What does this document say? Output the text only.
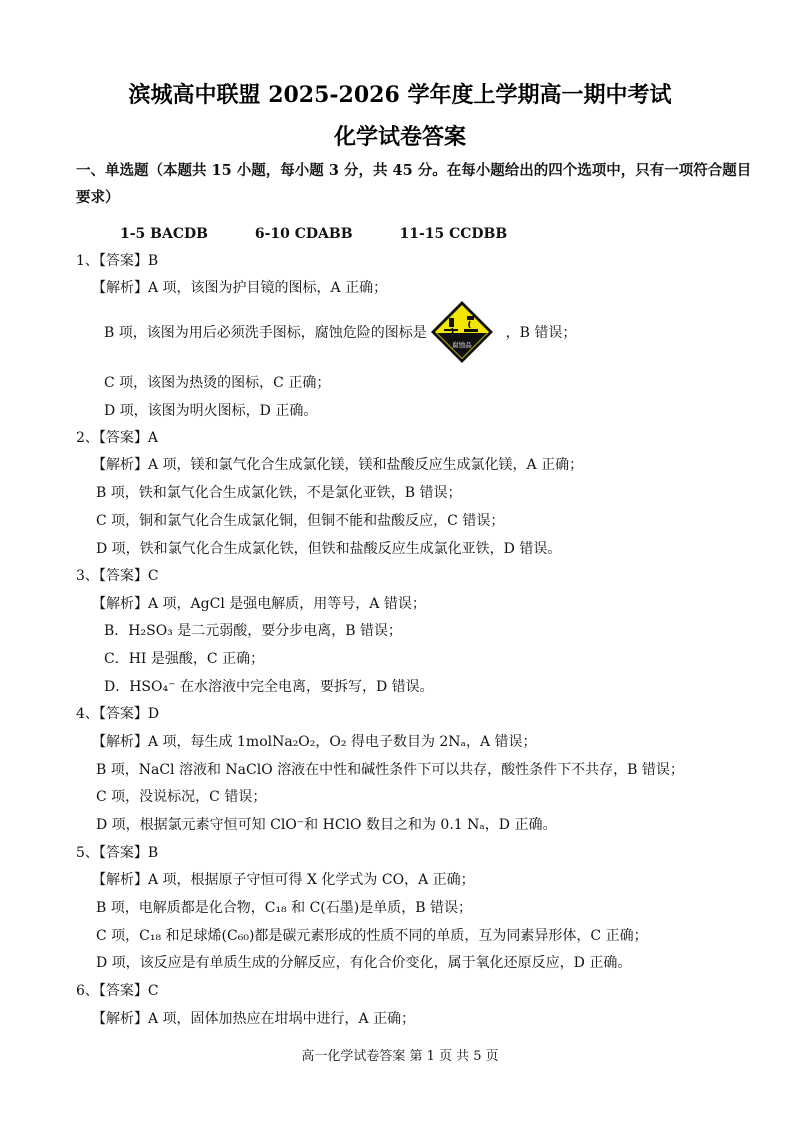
滨城高中联盟 2025-2026 学年度上学期高一期中考试
化学试卷答案
一、单选题（本题共 15 小题，每小题 3 分，共 45 分。在每小题给出的四个选项中，只有一项符合题目
要求）
1-5 BACDB	6-10 CDABB	11-15 CCDBB
1、【答案】B
【解析】A 项，该图为护目镜的图标，A 正确；
B 项，该图为用后必须洗手图标，腐蚀危险的图标是	，B 错误；
腐蚀品
C 项，该图为热烫的图标，C 正确；
D 项，该图为明火图标，D 正确。
2、【答案】A
【解析】A 项，镁和氯气化合生成氯化镁，镁和盐酸反应生成氯化镁，A 正确；
B 项，铁和氯气化合生成氯化铁，不是氯化亚铁，B 错误；
C 项，铜和氯气化合生成氯化铜，但铜不能和盐酸反应，C 错误；
D 项，铁和氯气化合生成氯化铁，但铁和盐酸反应生成氯化亚铁，D 错误。
3、【答案】C
【解析】A 项，AgCl 是强电解质，用等号，A 错误；
B．H₂SO₃ 是二元弱酸，要分步电离，B 错误；
C．HI 是强酸，C 正确；
D．HSO₄⁻ 在水溶液中完全电离，要拆写，D 错误。
4、【答案】D
【解析】A 项，每生成 1molNa₂O₂，O₂ 得电子数目为 2Nₐ，A 错误；
B 项，NaCl 溶液和 NaClO 溶液在中性和碱性条件下可以共存，酸性条件下不共存，B 错误；
C 项，没说标况，C 错误；
D 项，根据氯元素守恒可知 ClO⁻和 HClO 数目之和为 0.1 Nₐ，D 正确。
5、【答案】B
【解析】A 项，根据原子守恒可得 X 化学式为 CO，A 正确；
B 项，电解质都是化合物，C₁₈ 和 C(石墨)是单质，B 错误；
C 项，C₁₈ 和足球烯(C₆₀)都是碳元素形成的性质不同的单质，互为同素异形体，C 正确；
D 项，该反应是有单质生成的分解反应，有化合价变化，属于氧化还原反应，D 正确。
6、【答案】C
【解析】A 项，固体加热应在坩埚中进行，A 正确；
高一化学试卷答案 第 1 页 共 5 页
